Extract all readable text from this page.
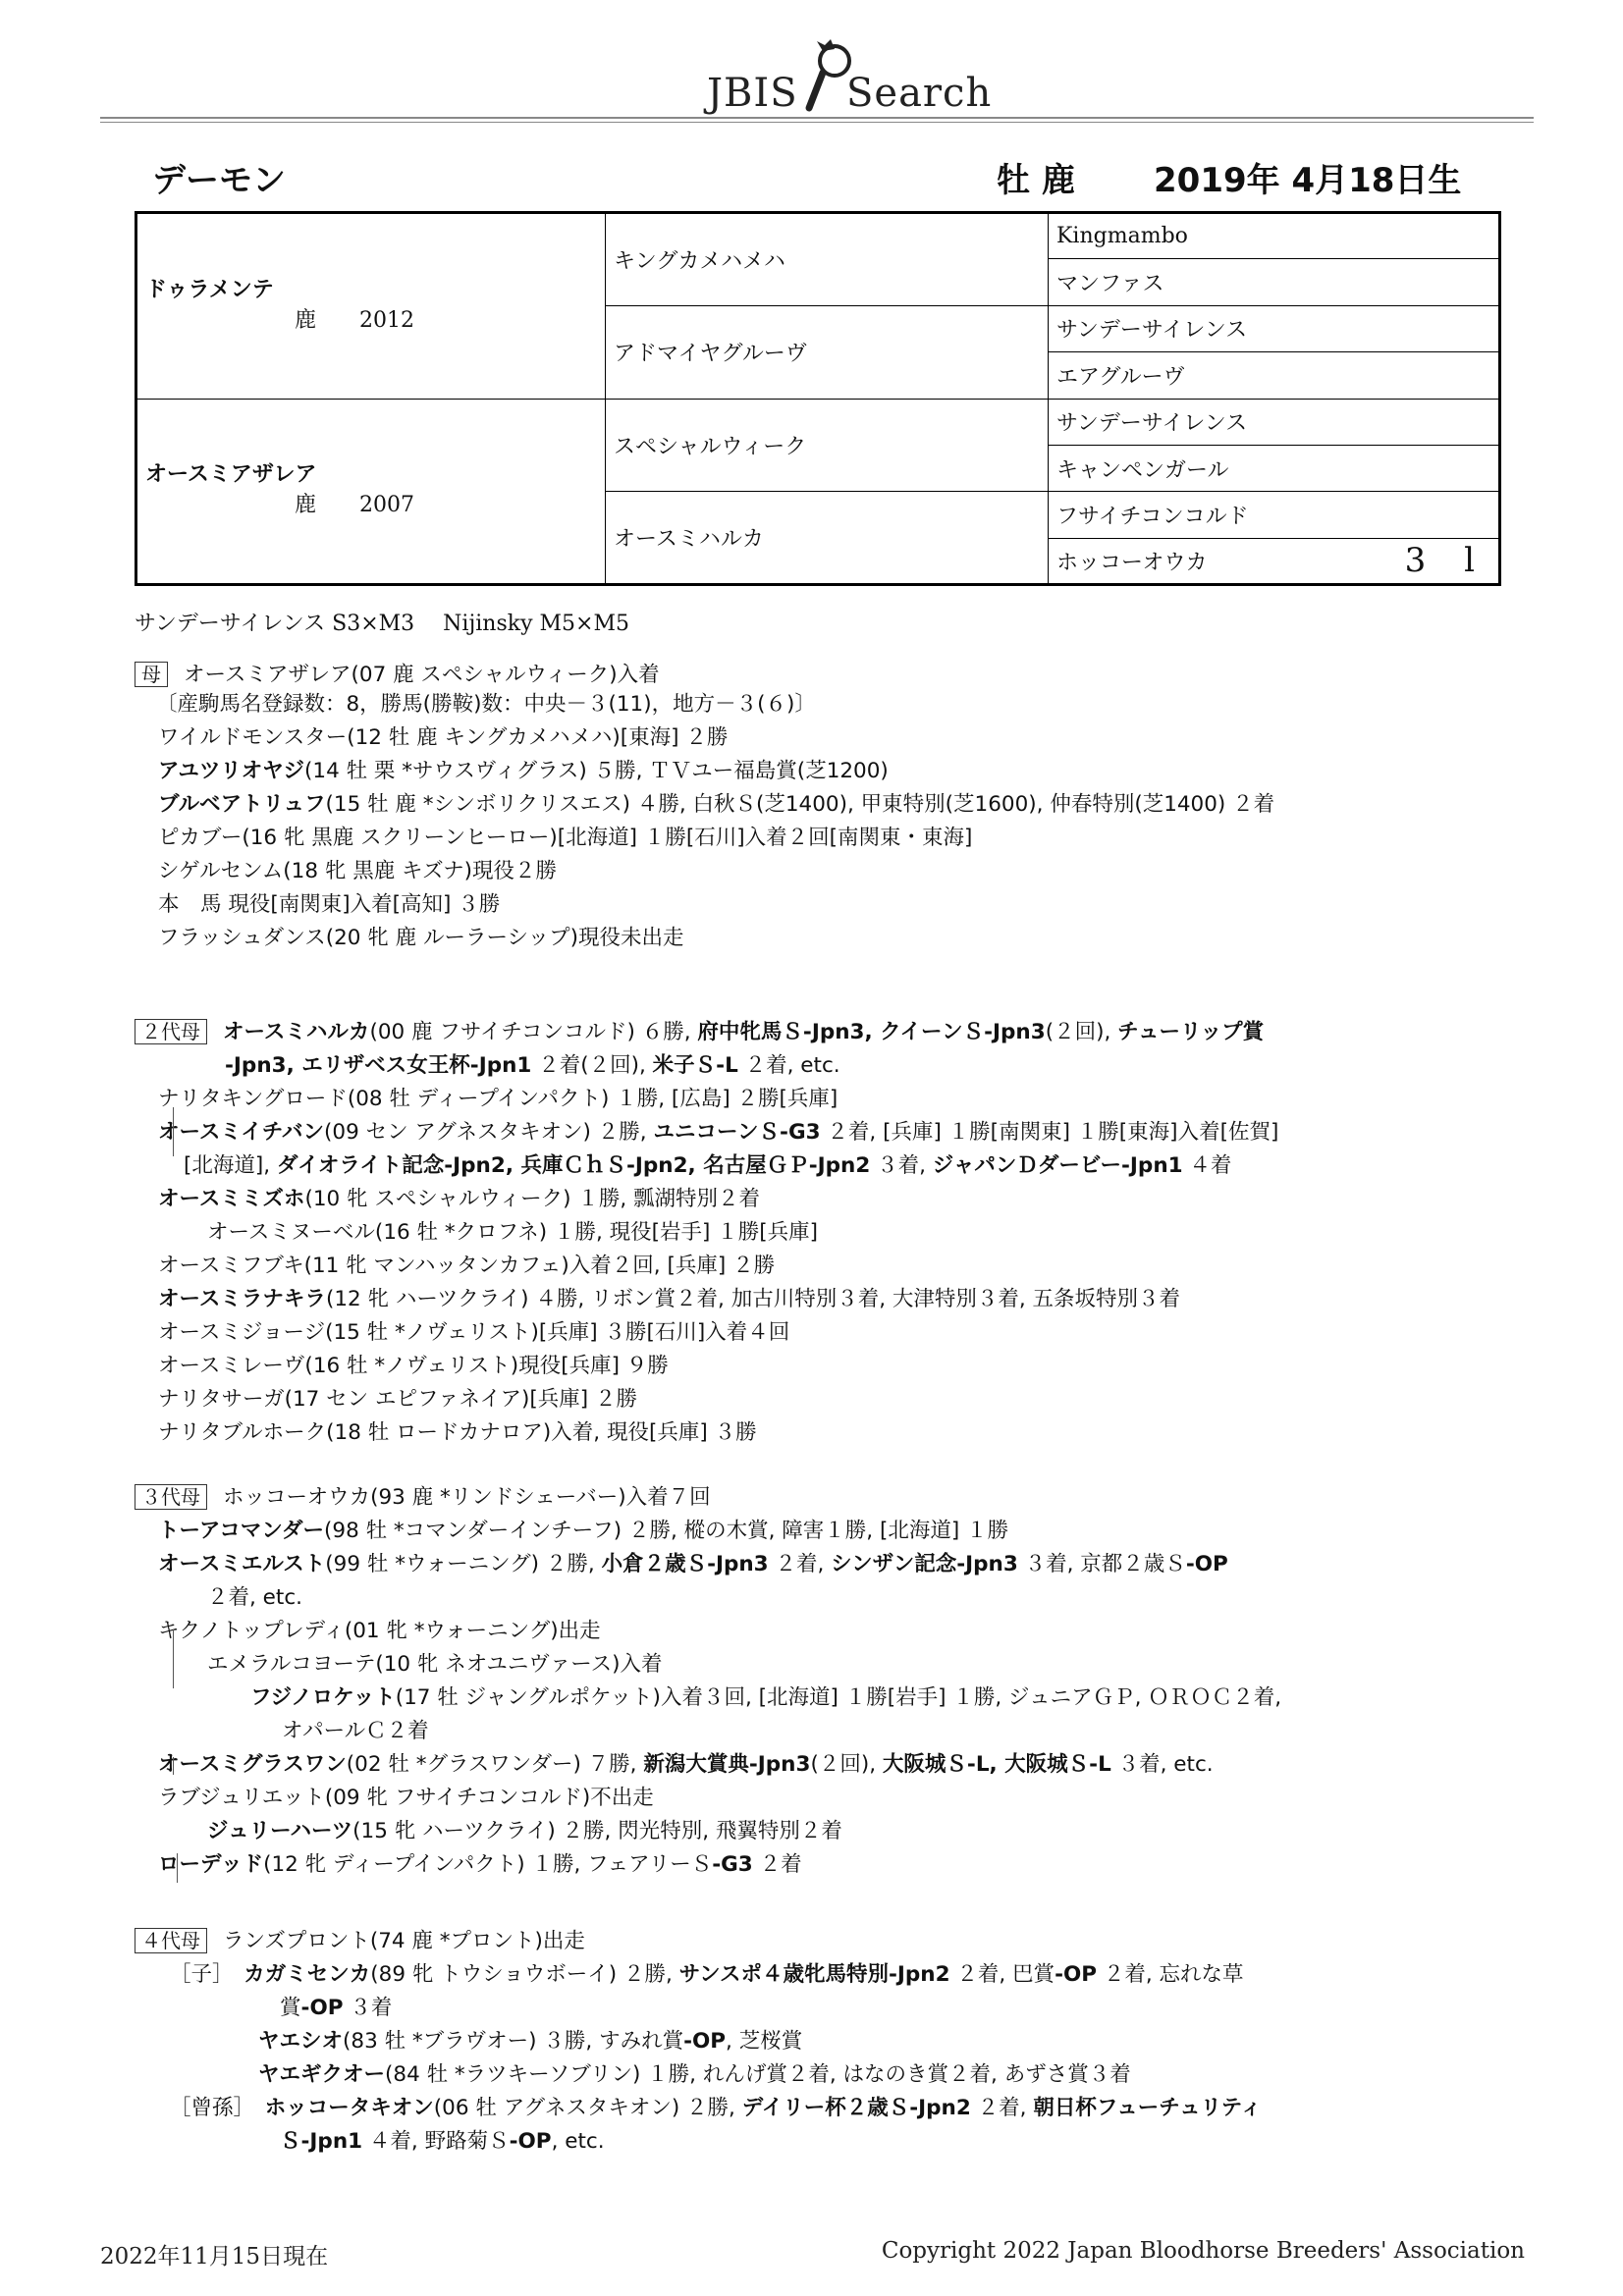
JBIS Search
デーモン	牡 鹿 2019年 4月18日生
ドゥラメンテ
鹿　　2012	キングカメハメハ	Kingmambo
		マンファス
	アドマイヤグルーヴ	サンデーサイレンス
		エアグルーヴ

オースミアザレア
鹿　　2007	スペシャルウィーク	サンデーサイレンス
		キャンペンガール
	オースミハルカ	フサイチコンコルド
		ホッコーオウカ 3 l
サンデーサイレンス S3×M3　 Nijinsky M5×M5
母 オースミアザレア(07 鹿 スペシャルウィーク)入着
〔産駒馬名登録数：8，勝馬(勝鞍)数：中央－３(11)，地方－３(６)〕
ワイルドモンスター(12 牡 鹿 キングカメハメハ)[東海] ２勝
アユツリオヤジ(14 牡 栗 *サウスヴィグラス) ５勝, ＴＶユー福島賞(芝1200)
ブルベアトリュフ(15 牡 鹿 *シンボリクリスエス) ４勝, 白秋Ｓ(芝1400), 甲東特別(芝1600), 仲春特別(芝1400) ２着
ピカブー(16 牝 黒鹿 スクリーンヒーロー)[北海道] １勝[石川]入着２回[南関東・東海]
シゲルセンム(18 牝 黒鹿 キズナ)現役２勝
本　馬 現役[南関東]入着[高知] ３勝
フラッシュダンス(20 牝 鹿 ルーラーシップ)現役未出走
２代母 オースミハルカ(00 鹿 フサイチコンコルド) ６勝, 府中牝馬Ｓ-Jpn3, クイーンＳ-Jpn3(２回), チューリップ賞
-Jpn3, エリザベス女王杯-Jpn1 ２着(２回), 米子Ｓ-L ２着, etc.
ナリタキングロード(08 牡 ディープインパクト) １勝, [広島] ２勝[兵庫]
オースミイチバン(09 セン アグネスタキオン) ２勝, ユニコーンＳ-G3 ２着, [兵庫] １勝[南関東] １勝[東海]入着[佐賀]
[北海道], ダイオライト記念-Jpn2, 兵庫ＣｈＳ-Jpn2, 名古屋ＧＰ-Jpn2 ３着, ジャパンＤダービー-Jpn1 ４着
オースミミズホ(10 牝 スペシャルウィーク) １勝, 瓢湖特別２着
オースミヌーベル(16 牡 *クロフネ) １勝, 現役[岩手] １勝[兵庫]
オースミフブキ(11 牝 マンハッタンカフェ)入着２回, [兵庫] ２勝
オースミラナキラ(12 牝 ハーツクライ) ４勝, リボン賞２着, 加古川特別３着, 大津特別３着, 五条坂特別３着
オースミジョージ(15 牡 *ノヴェリスト)[兵庫] ３勝[石川]入着４回
オースミレーヴ(16 牡 *ノヴェリスト)現役[兵庫] ９勝
ナリタサーガ(17 セン エピファネイア)[兵庫] ２勝
ナリタブルホーク(18 牡 ロードカナロア)入着, 現役[兵庫] ３勝
３代母 ホッコーオウカ(93 鹿 *リンドシェーバー)入着７回
トーアコマンダー(98 牡 *コマンダーインチーフ) ２勝, 樅の木賞, 障害１勝, [北海道] １勝
オースミエルスト(99 牡 *ウォーニング) ２勝, 小倉２歳Ｓ-Jpn3 ２着, シンザン記念-Jpn3 ３着, 京都２歳Ｓ-OP
２着, etc.
キクノトップレディ(01 牝 *ウォーニング)出走
エメラルコヨーテ(10 牝 ネオユニヴァース)入着
フジノロケット(17 牡 ジャングルポケット)入着３回, [北海道] １勝[岩手] １勝, ジュニアＧＰ, ＯＲＯＣ２着,
オパールＣ２着
オースミグラスワン(02 牡 *グラスワンダー) ７勝, 新潟大賞典-Jpn3(２回), 大阪城Ｓ-L, 大阪城Ｓ-L ３着, etc.
ラブジュリエット(09 牝 フサイチコンコルド)不出走
ジュリーハーツ(15 牝 ハーツクライ) ２勝, 閃光特別, 飛翼特別２着
ローデッド(12 牝 ディープインパクト) １勝, フェアリーＳ-G3 ２着
４代母 ランズプロント(74 鹿 *プロント)出走
［子］　カガミセンカ(89 牝 トウショウボーイ) ２勝, サンスポ４歳牝馬特別-Jpn2 ２着, 巴賞-OP ２着, 忘れな草
賞-OP ３着
ヤエシオ(83 牡 *ブラヴオー) ３勝, すみれ賞-OP, 芝桜賞
ヤエギクオー(84 牡 *ラツキーソブリン) １勝, れんげ賞２着, はなのき賞２着, あずさ賞３着
［曾孫］　ホッコータキオン(06 牡 アグネスタキオン) ２勝, デイリー杯２歳Ｓ-Jpn2 ２着, 朝日杯フューチュリティ
Ｓ-Jpn1 ４着, 野路菊Ｓ-OP, etc.
2022年11月15日現在	Copyright 2022 Japan Bloodhorse Breeders' Association
